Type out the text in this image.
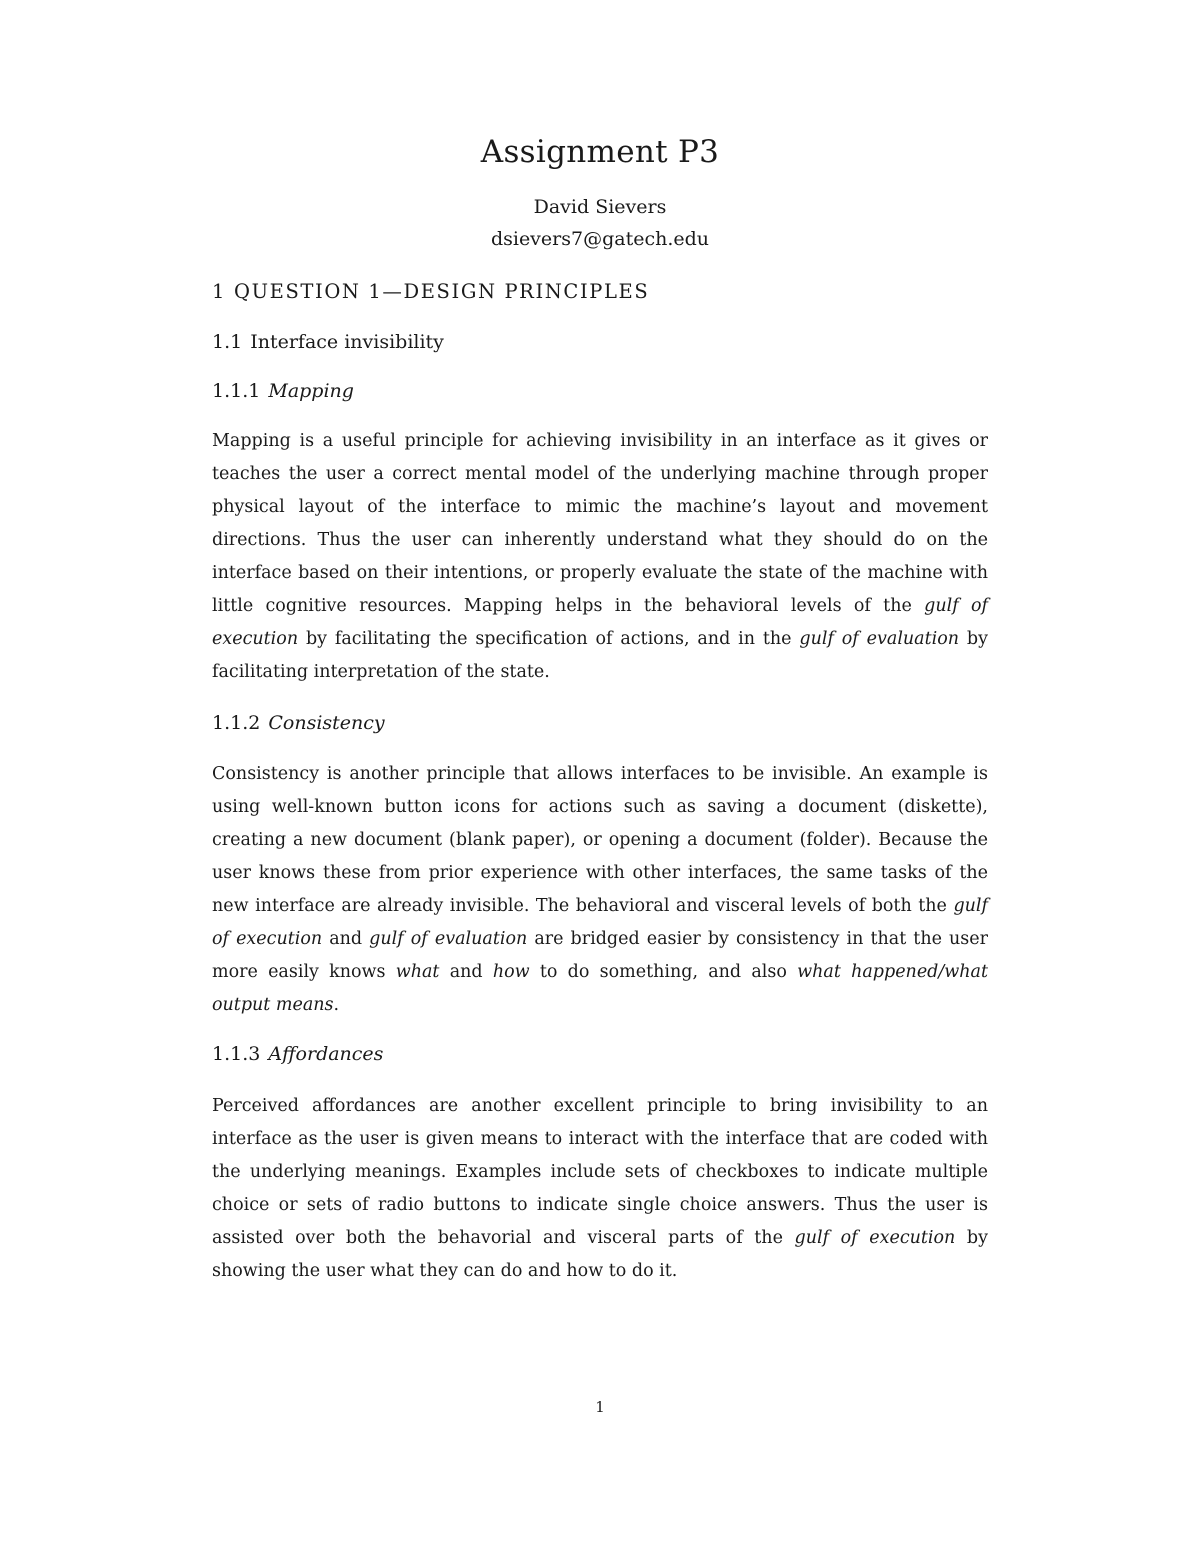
Assignment P3
David Sievers
dsievers7@gatech.edu
1 QUESTION 1—DESIGN PRINCIPLES
1.1 Interface invisibility
1.1.1 Mapping

Mapping is a useful principle for achieving invisibility in an interface as it gives or teaches the user a correct mental model of the underlying machine through proper physical layout of the interface to mimic the machine’s layout and movement directions. Thus the user can inherently understand what they should do on the interface based on their intentions, or properly evaluate the state of the machine with little cognitive resources. Mapping helps in the behavioral levels of the gulf of execution by facilitating the specification of actions, and in the gulf of evaluation by facilitating interpretation of the state.

1.1.2 Consistency

Consistency is another principle that allows interfaces to be invisible. An example is using well-known button icons for actions such as saving a document (diskette), creating a new document (blank paper), or opening a document (folder). Because the user knows these from prior experience with other interfaces, the same tasks of the new interface are already invisible. The behavioral and visceral levels of both the gulf of execution and gulf of evaluation are bridged easier by consistency in that the user more easily knows what and how to do something, and also what happened/what output means.

1.1.3 Affordances

Perceived affordances are another excellent principle to bring invisibility to an interface as the user is given means to interact with the interface that are coded with the underlying meanings. Examples include sets of checkboxes to indicate multiple choice or sets of radio buttons to indicate single choice answers. Thus the user is assisted over both the behavorial and visceral parts of the gulf of execution by showing the user what they can do and how to do it.

1
